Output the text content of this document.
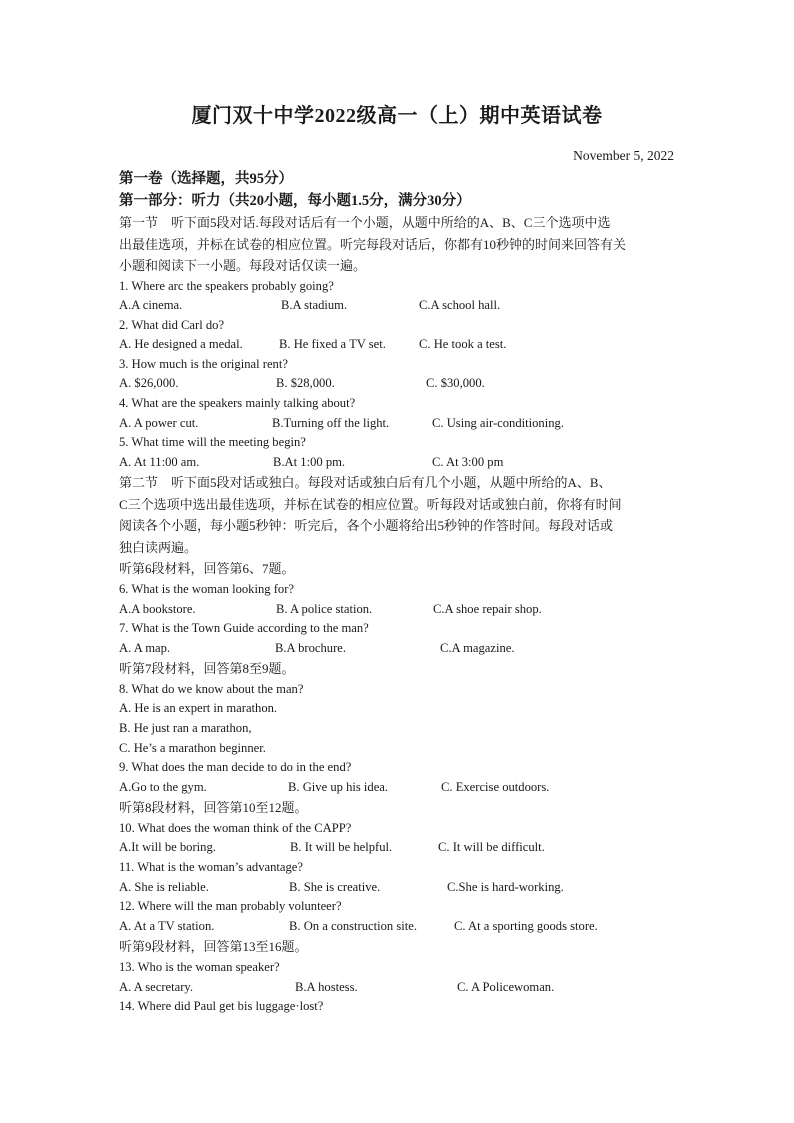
厦门双十中学2022级高一（上）期中英语试卷
November 5, 2022
第一卷（选择题，共95分）
第一部分：听力（共20小题，每小题1.5分，满分30分）
第一节　听下面5段对话.每段对话后有一个小题，从题中所给的A、B、C三个选项中选
出最佳选项，并标在试卷的相应位置。听完每段对话后，你都有10秒钟的时间来回答有关
小题和阅读下一小题。每段对话仅读一遍。
1. Where arc the speakers probably going?
A.A cinema.	B.A stadium.	C.A school hall.
2. What did Carl do?
A. He designed a medal.	B. He fixed a TV set.	C. He took a test.
3. How much is the original rent?
A. $26,000.	B. $28,000.	C. $30,000.
4. What are the speakers mainly talking about?
A. A power cut.	B.Turning off the light.	C. Using air-conditioning.
5. What time will the meeting begin?
A. At 11:00 am.	B.At 1:00 pm.	C. At 3:00 pm
第二节　听下面5段对话或独白。每段对话或独白后有几个小题，从题中所给的A、B、
C三个选项中选出最佳选项，并标在试卷的相应位置。听每段对话或独白前，你将有时间
阅读各个小题，每小题5秒钟：听完后，各个小题将给出5秒钟的作答时间。每段对话或
独白读两遍。
听第6段材料，回答第6、7题。
6. What is the woman looking for?
A.A bookstore.	B. A police station.	C.A shoe repair shop.
7. What is the Town Guide according to the man?
A. A map.	B.A brochure.	C.A magazine.
听第7段材料，回答第8至9题。
8. What do we know about the man?
A. He is an expert in marathon.
B. He just ran a marathon,
C. He’s a marathon beginner.
9. What does the man decide to do in the end?
A.Go to the gym.	B. Give up his idea.	C. Exercise outdoors.
听第8段材料，回答第10至12题。
10. What does the woman think of the CAPP?
A.It will be boring.	B. It will be helpful.	C. It will be difficult.
11. What is the woman’s advantage?
A. She is reliable.	B. She is creative.	C.She is hard-working.
12. Where will the man probably volunteer?
A. At a TV station.	B. On a construction site.	C. At a sporting goods store.
听第9段材料，回答第13至16题。
13. Who is the woman speaker?
A. A secretary.	B.A hostess.	C. A Policewoman.
14. Where did Paul get bis luggage·lost?
